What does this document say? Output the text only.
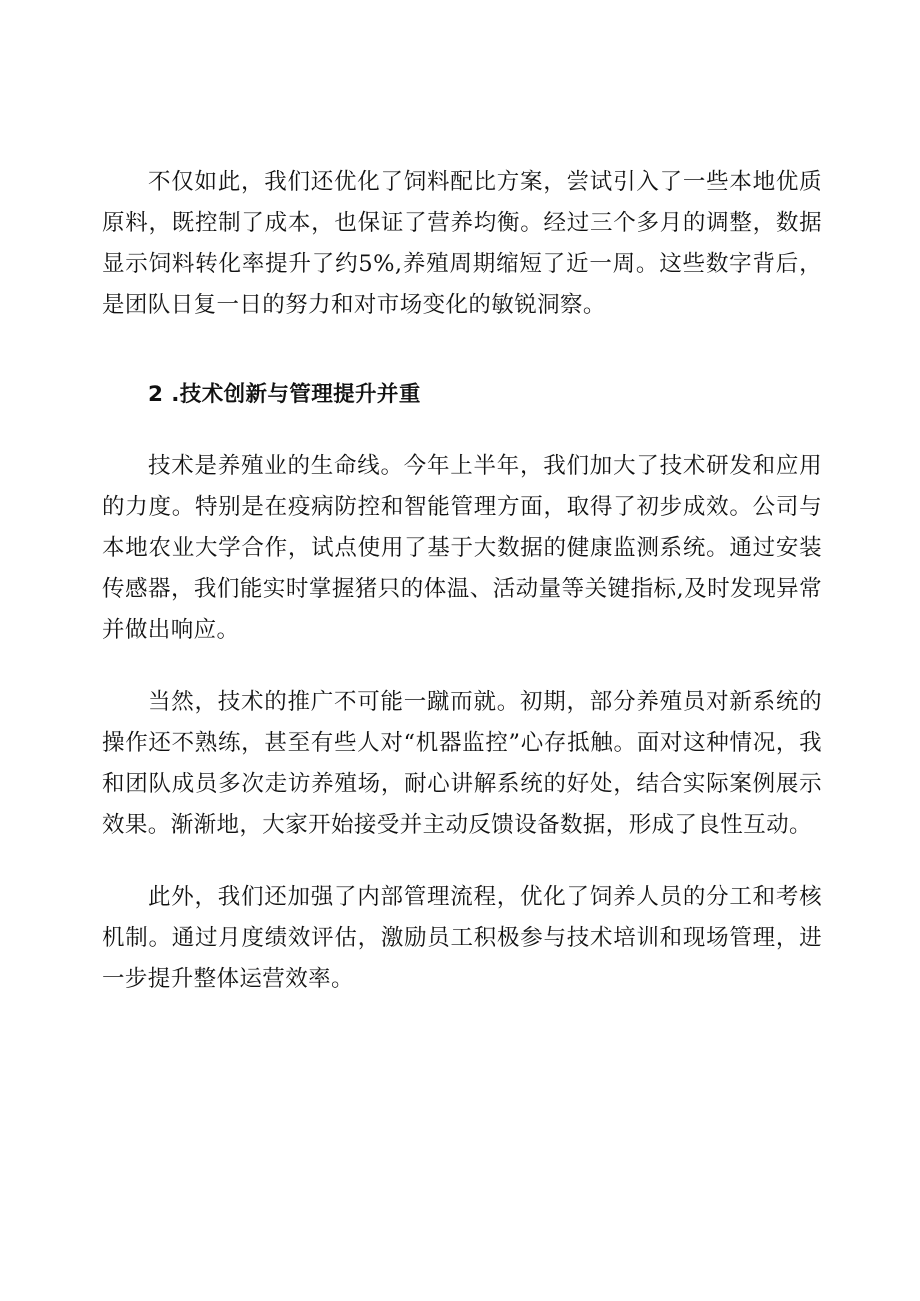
不仅如此，我们还优化了饲料配比方案，尝试引入了一些本地优质原料，既控制了成本，也保证了营养均衡。经过三个多月的调整，数据显示饲料转化率提升了约5%,养殖周期缩短了近一周。这些数字背后，是团队日复一日的努力和对市场变化的敏锐洞察。

2 .技术创新与管理提升并重

技术是养殖业的生命线。今年上半年，我们加大了技术研发和应用的力度。特别是在疫病防控和智能管理方面，取得了初步成效。公司与本地农业大学合作，试点使用了基于大数据的健康监测系统。通过安装传感器，我们能实时掌握猪只的体温、活动量等关键指标,及时发现异常并做出响应。

当然，技术的推广不可能一蹴而就。初期，部分养殖员对新系统的操作还不熟练，甚至有些人对“机器监控”心存抵触。面对这种情况，我和团队成员多次走访养殖场，耐心讲解系统的好处，结合实际案例展示效果。渐渐地，大家开始接受并主动反馈设备数据，形成了良性互动。

此外，我们还加强了内部管理流程，优化了饲养人员的分工和考核机制。通过月度绩效评估，激励员工积极参与技术培训和现场管理，进一步提升整体运营效率。
